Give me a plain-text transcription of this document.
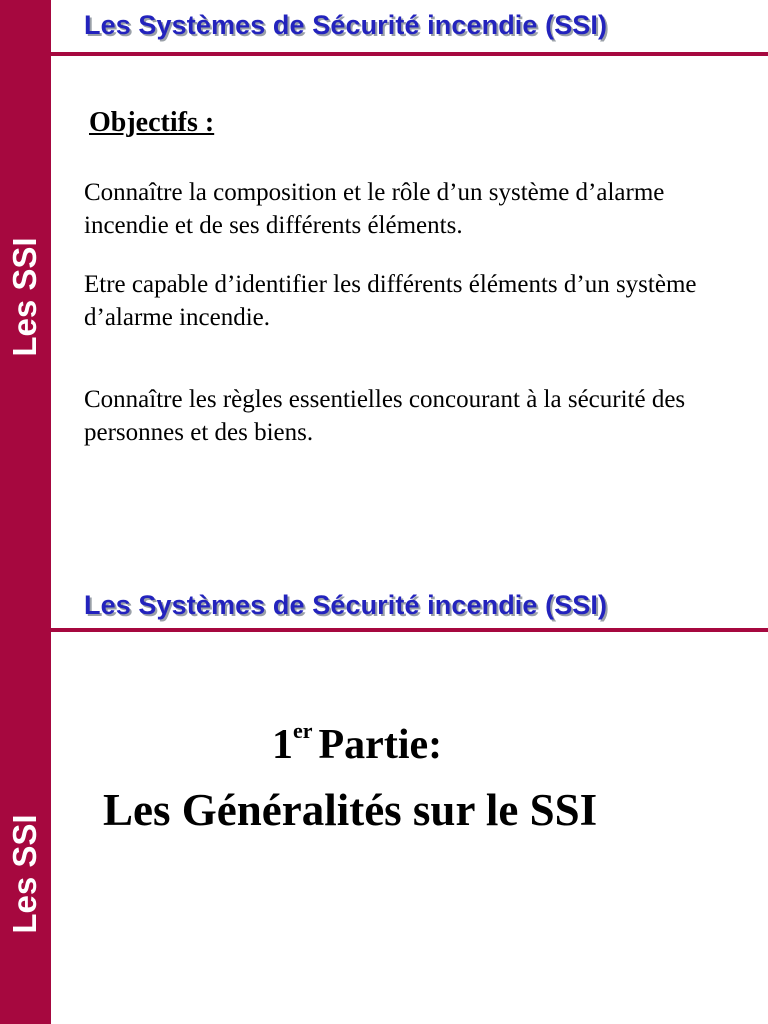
Les SSI
Les Systèmes de Sécurité incendie (SSI)
Objectifs :
Connaître la composition et le rôle d’un système d’alarme incendie et de ses différents éléments.
Etre capable d’identifier les différents éléments d’un système d’alarme incendie.
Connaître les règles essentielles concourant à la sécurité des personnes et des biens.
Les SSI
Les Systèmes de Sécurité incendie (SSI)
1er Partie:
Les Généralités sur le SSI
